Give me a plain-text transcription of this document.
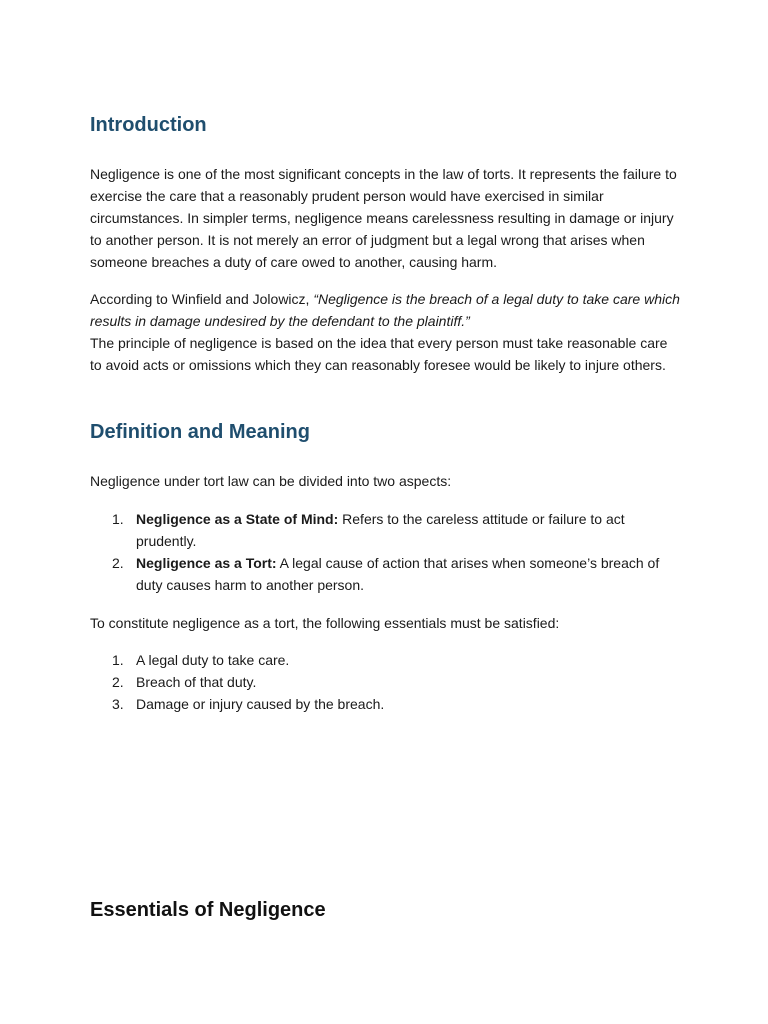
Introduction

Negligence is one of the most significant concepts in the law of torts. It represents the failure to exercise the care that a reasonably prudent person would have exercised in similar circumstances. In simpler terms, negligence means carelessness resulting in damage or injury to another person. It is not merely an error of judgment but a legal wrong that arises when someone breaches a duty of care owed to another, causing harm.

According to Winfield and Jolowicz, “Negligence is the breach of a legal duty to take care which results in damage undesired by the defendant to the plaintiff.”
The principle of negligence is based on the idea that every person must take reasonable care to avoid acts or omissions which they can reasonably foresee would be likely to injure others.

Definition and Meaning

Negligence under tort law can be divided into two aspects:

1. Negligence as a State of Mind: Refers to the careless attitude or failure to act prudently.
2. Negligence as a Tort: A legal cause of action that arises when someone’s breach of duty causes harm to another person.

To constitute negligence as a tort, the following essentials must be satisfied:

1. A legal duty to take care.
2. Breach of that duty.
3. Damage or injury caused by the breach.
Essentials of Negligence
